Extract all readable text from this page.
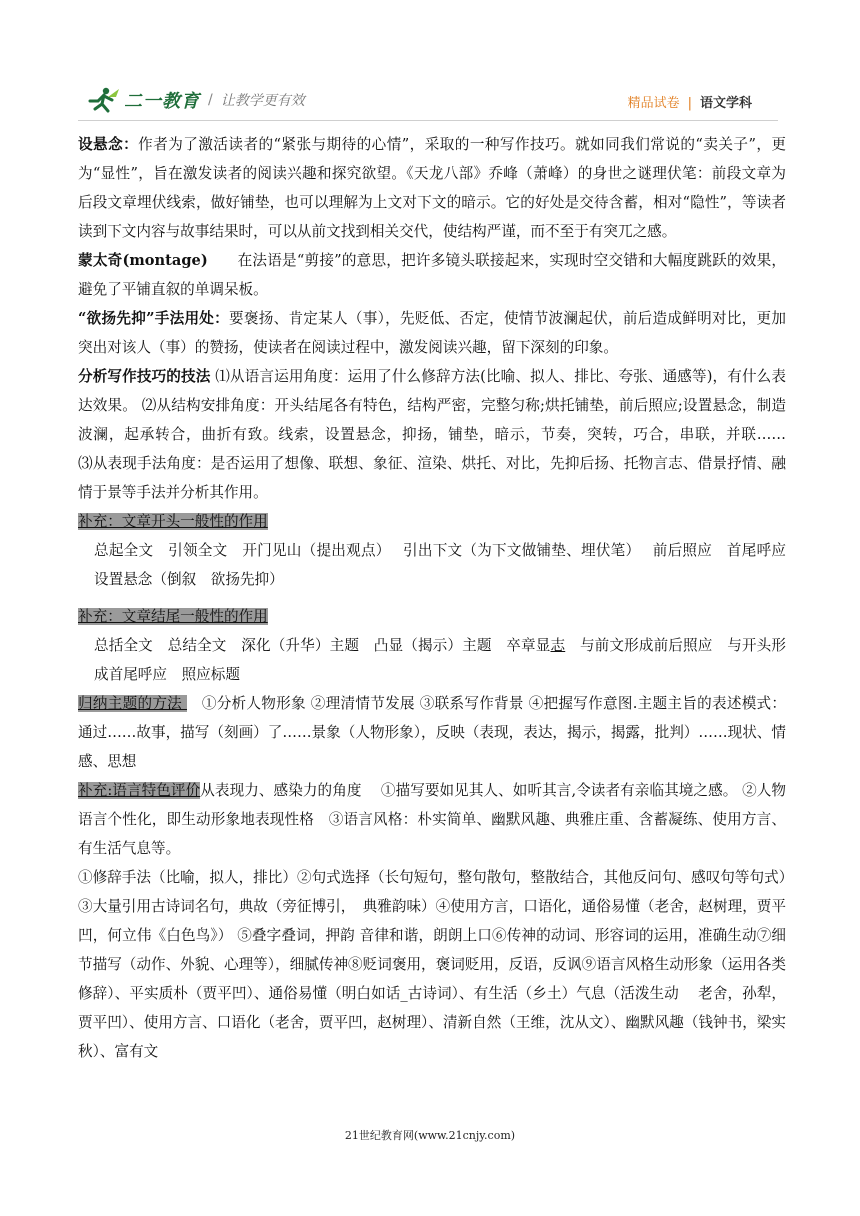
二一教育 / 让教学更有效	精品试卷 | 语文学科

设悬念：作者为了激活读者的“紧张与期待的心情”，采取的一种写作技巧。就如同我们常说的“卖关子”，更为“显性”，旨在激发读者的阅读兴趣和探究欲望。《天龙八部》乔峰（萧峰）的身世之谜理伏笔：前段文章为后段文章埋伏线索，做好铺垫，也可以理解为上文对下文的暗示。它的好处是交待含蓄，相对“隐性”，等读者读到下文内容与故事结果时，可以从前文找到相关交代，使结构严谨，而不至于有突兀之感。

蒙太奇(montage)　　在法语是“剪接”的意思，把许多镜头联接起来，实现时空交错和大幅度跳跃的效果，避免了平铺直叙的单调呆板。

“欲扬先抑”手法用处：要褒扬、肯定某人（事），先贬低、否定，使情节波澜起伏，前后造成鲜明对比，更加突出对该人（事）的赞扬，使读者在阅读过程中，激发阅读兴趣，留下深刻的印象。

分析写作技巧的技法 ⑴从语言运用角度：运用了什么修辞方法(比喻、拟人、排比、夸张、通感等)，有什么表达效果。 ⑵从结构安排角度：开头结尾各有特色，结构严密，完整匀称;烘托铺垫，前后照应;设置悬念，制造波澜，起承转合，曲折有致。线索，设置悬念，抑扬，铺垫，暗示，节奏，突转，巧合，串联，并联……　　⑶从表现手法角度：是否运用了想像、联想、象征、渲染、烘托、对比，先抑后扬、托物言志、借景抒情、融情于景等手法并分析其作用。

补充：文章开头一般性的作用

总起全文　引领全文　开门见山（提出观点）　 引出下文（为下文做铺垫、埋伏笔）　 前后照应　首尾呼应　设置悬念（倒叙　欲扬先抑）

补充：文章结尾一般性的作用

总括全文　总结全文　深化（升华）主题　凸显（揭示）主题　卒章显志　与前文形成前后照应　与开头形成首尾呼应　照应标题

归纳主题的方法 　①分析人物形象 ②理清情节发展 ③联系写作背景 ④把握写作意图.主题主旨的表述模式：通过……故事，描写（刻画）了……景象（人物形象），反映（表现，表达，揭示，揭露，批判）……现状、情感、思想

补充:语言特色评价从表现力、感染力的角度　 ①描写要如见其人、如听其言,令读者有亲临其境之感。 ②人物语言个性化，即生动形象地表现性格　③语言风格：朴实简单、幽默风趣、典雅庄重、含蓄凝练、使用方言、有生活气息等。

①修辞手法（比喻，拟人，排比）②句式选择（长句短句，整句散句，整散结合，其他反问句、感叹句等句式）③大量引用古诗词名句，典故（旁征博引，　典雅韵味）④使用方言，口语化，通俗易懂（老舍，赵树理，贾平凹，何立伟《白色鸟》） ⑤叠字叠词，押韵 音律和谐，朗朗上口⑥传神的动词、形容词的运用，准确生动⑦细节描写（动作、外貌、心理等），细腻传神⑧贬词褒用，褒词贬用，反语，反讽⑨语言风格生动形象（运用各类修辞）、平实质朴（贾平凹）、通俗易懂（明白如话_古诗词）、有生活（乡土）气息（活泼生动　 老舍，孙犁，贾平凹）、使用方言、口语化（老舍，贾平凹，赵树理）、清新自然（王维，沈从文）、幽默风趣（钱钟书，梁实秋）、富有文

21世纪教育网(www.21cnjy.com)
